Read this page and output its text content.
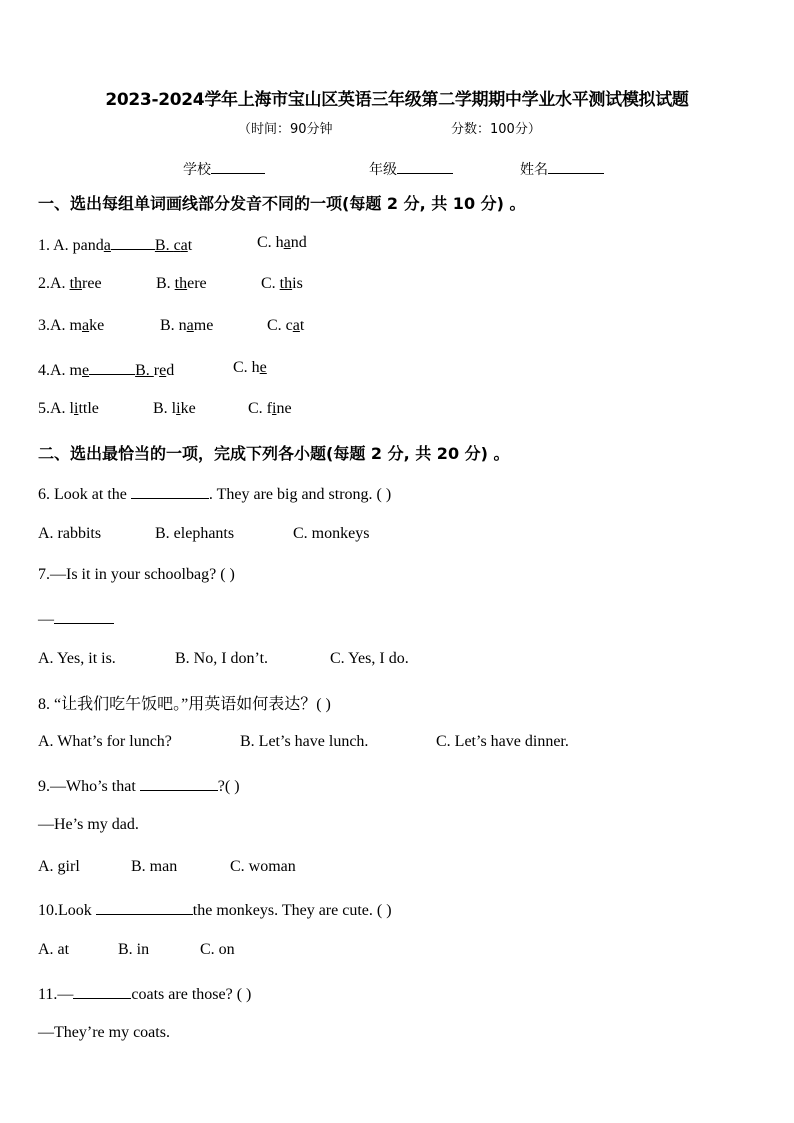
2023-2024学年上海市宝山区英语三年级第二学期期中学业水平测试模拟试题
（时间：90分钟	分数：100分）
学校	年级	姓名
一、选出每组单词画线部分发音不同的一项(每题 2 分, 共 10 分) 。
1. A. panda	B. cat	C. hand
2.A. three	B. there	C. this
3.A. make	B. name	C. cat
4.A. me	B. red	C. he
5.A. little	B. like	C. fine
二、选出最恰当的一项，完成下列各小题(每题 2 分, 共 20 分) 。
6. Look at the	. They are big and strong. ( )
A. rabbits	B. elephants	C. monkeys
7.—Is it in your schoolbag? ( )
—
A. Yes, it is.	B. No, I don’t.	C. Yes, I do.
8. “让我们吃午饭吧。”用英语如何表达？( )
A. What’s for lunch?	B. Let’s have lunch.	C. Let’s have dinner.
9.—Who’s that	?( )
—He’s my dad.
A. girl	B. man	C. woman
10.Look	the monkeys. They are cute. ( )
A. at	B. in	C. on
11.—	coats are those? ( )
—They’re my coats.
